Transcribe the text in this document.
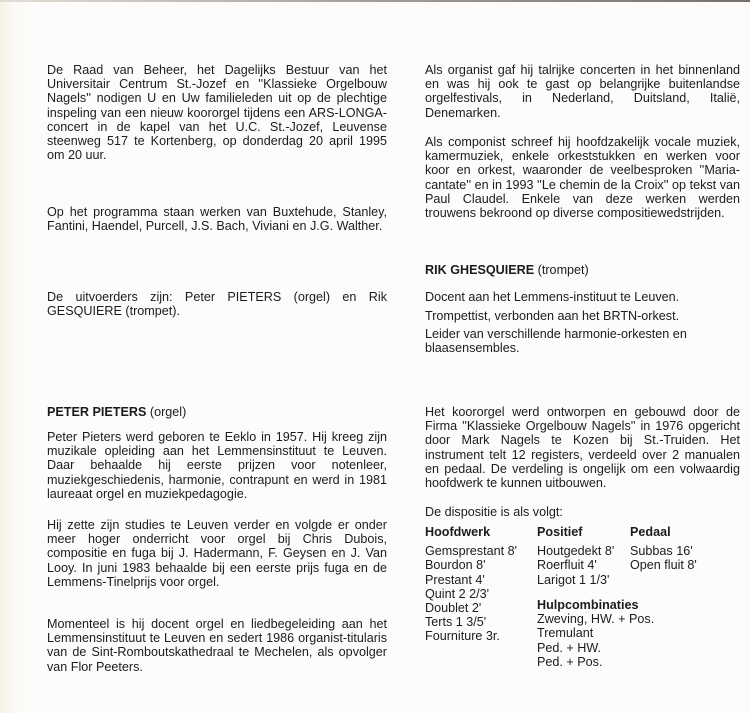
De Raad van Beheer, het Dagelijks Bestuur van het Universitair Centrum St.-Jozef en ''Klassieke Orgelbouw Nagels'' nodigen U en Uw familieleden uit op de plechtige inspeling van een nieuw koororgel tijdens een ARS-LONGA-concert in de kapel van het U.C. St.-Jozef, Leuvense steenweg 517 te Kortenberg, op donderdag 20 april 1995 om 20 uur.

Op het programma staan werken van Buxtehude, Stanley, Fantini, Haendel, Purcell, J.S. Bach, Viviani en J.G. Walther.

De uitvoerders zijn: Peter PIETERS (orgel) en Rik GESQUIERE (trompet).

PETER PIETERS (orgel)

Peter Pieters werd geboren te Eeklo in 1957. Hij kreeg zijn muzikale opleiding aan het Lemmensinstituut te Leuven. Daar behaalde hij eerste prijzen voor notenleer, muziekgeschiedenis, harmonie, contrapunt en werd in 1981 laureaat orgel en muziekpedagogie.

Hij zette zijn studies te Leuven verder en volgde er onder meer hoger onderricht voor orgel bij Chris Dubois, compositie en fuga bij J. Hadermann, F. Geysen en J. Van Looy. In juni 1983 behaalde bij een eerste prijs fuga en de Lemmens-Tinelprijs voor orgel.

Momenteel is hij docent orgel en liedbegeleiding aan het Lemmensinstituut te Leuven en sedert 1986 organist-titularis van de Sint-Romboutskathedraal te Mechelen, als opvolger van Flor Peeters.

Als organist gaf hij talrijke concerten in het binnenland en was hij ook te gast op belangrijke buitenlandse orgelfestivals, in Nederland, Duitsland, Italië, Denemarken.

Als componist schreef hij hoofdzakelijk vocale muziek, kamermuziek, enkele orkeststukken en werken voor koor en orkest, waaronder de veelbesproken ''Maria-cantate'' en in 1993 ''Le chemin de la Croix'' op tekst van Paul Claudel. Enkele van deze werken werden trouwens bekroond op diverse compositiewedstrijden.

RIK GHESQUIERE (trompet)

Docent aan het Lemmens-instituut te Leuven.

Trompettist, verbonden aan het BRTN-orkest.

Leider van verschillende harmonie-orkesten en blaasensembles.

Het koororgel werd ontworpen en gebouwd door de Firma ''Klassieke Orgelbouw Nagels'' in 1976 opgericht door Mark Nagels te Kozen bij St.-Truiden. Het instrument telt 12 registers, verdeeld over 2 manualen en pedaal. De verdeling is ongelijk om een volwaardig hoofdwerk te kunnen uitbouwen.

De dispositie is als volgt:

Hoofdwerk
Gemsprestant 8'
Bourdon 8'
Prestant 4'
Quint 2 2/3'
Doublet 2'
Terts 1 3/5'
Fourniture 3r.
Positief
Houtgedekt 8'
Roerfluit 4'
Larigot 1 1/3'
Pedaal
Subbas 16'
Open fluit 8'
Hulpcombinaties
Zweving, HW. + Pos.
Tremulant
Ped. + HW.
Ped. + Pos.
